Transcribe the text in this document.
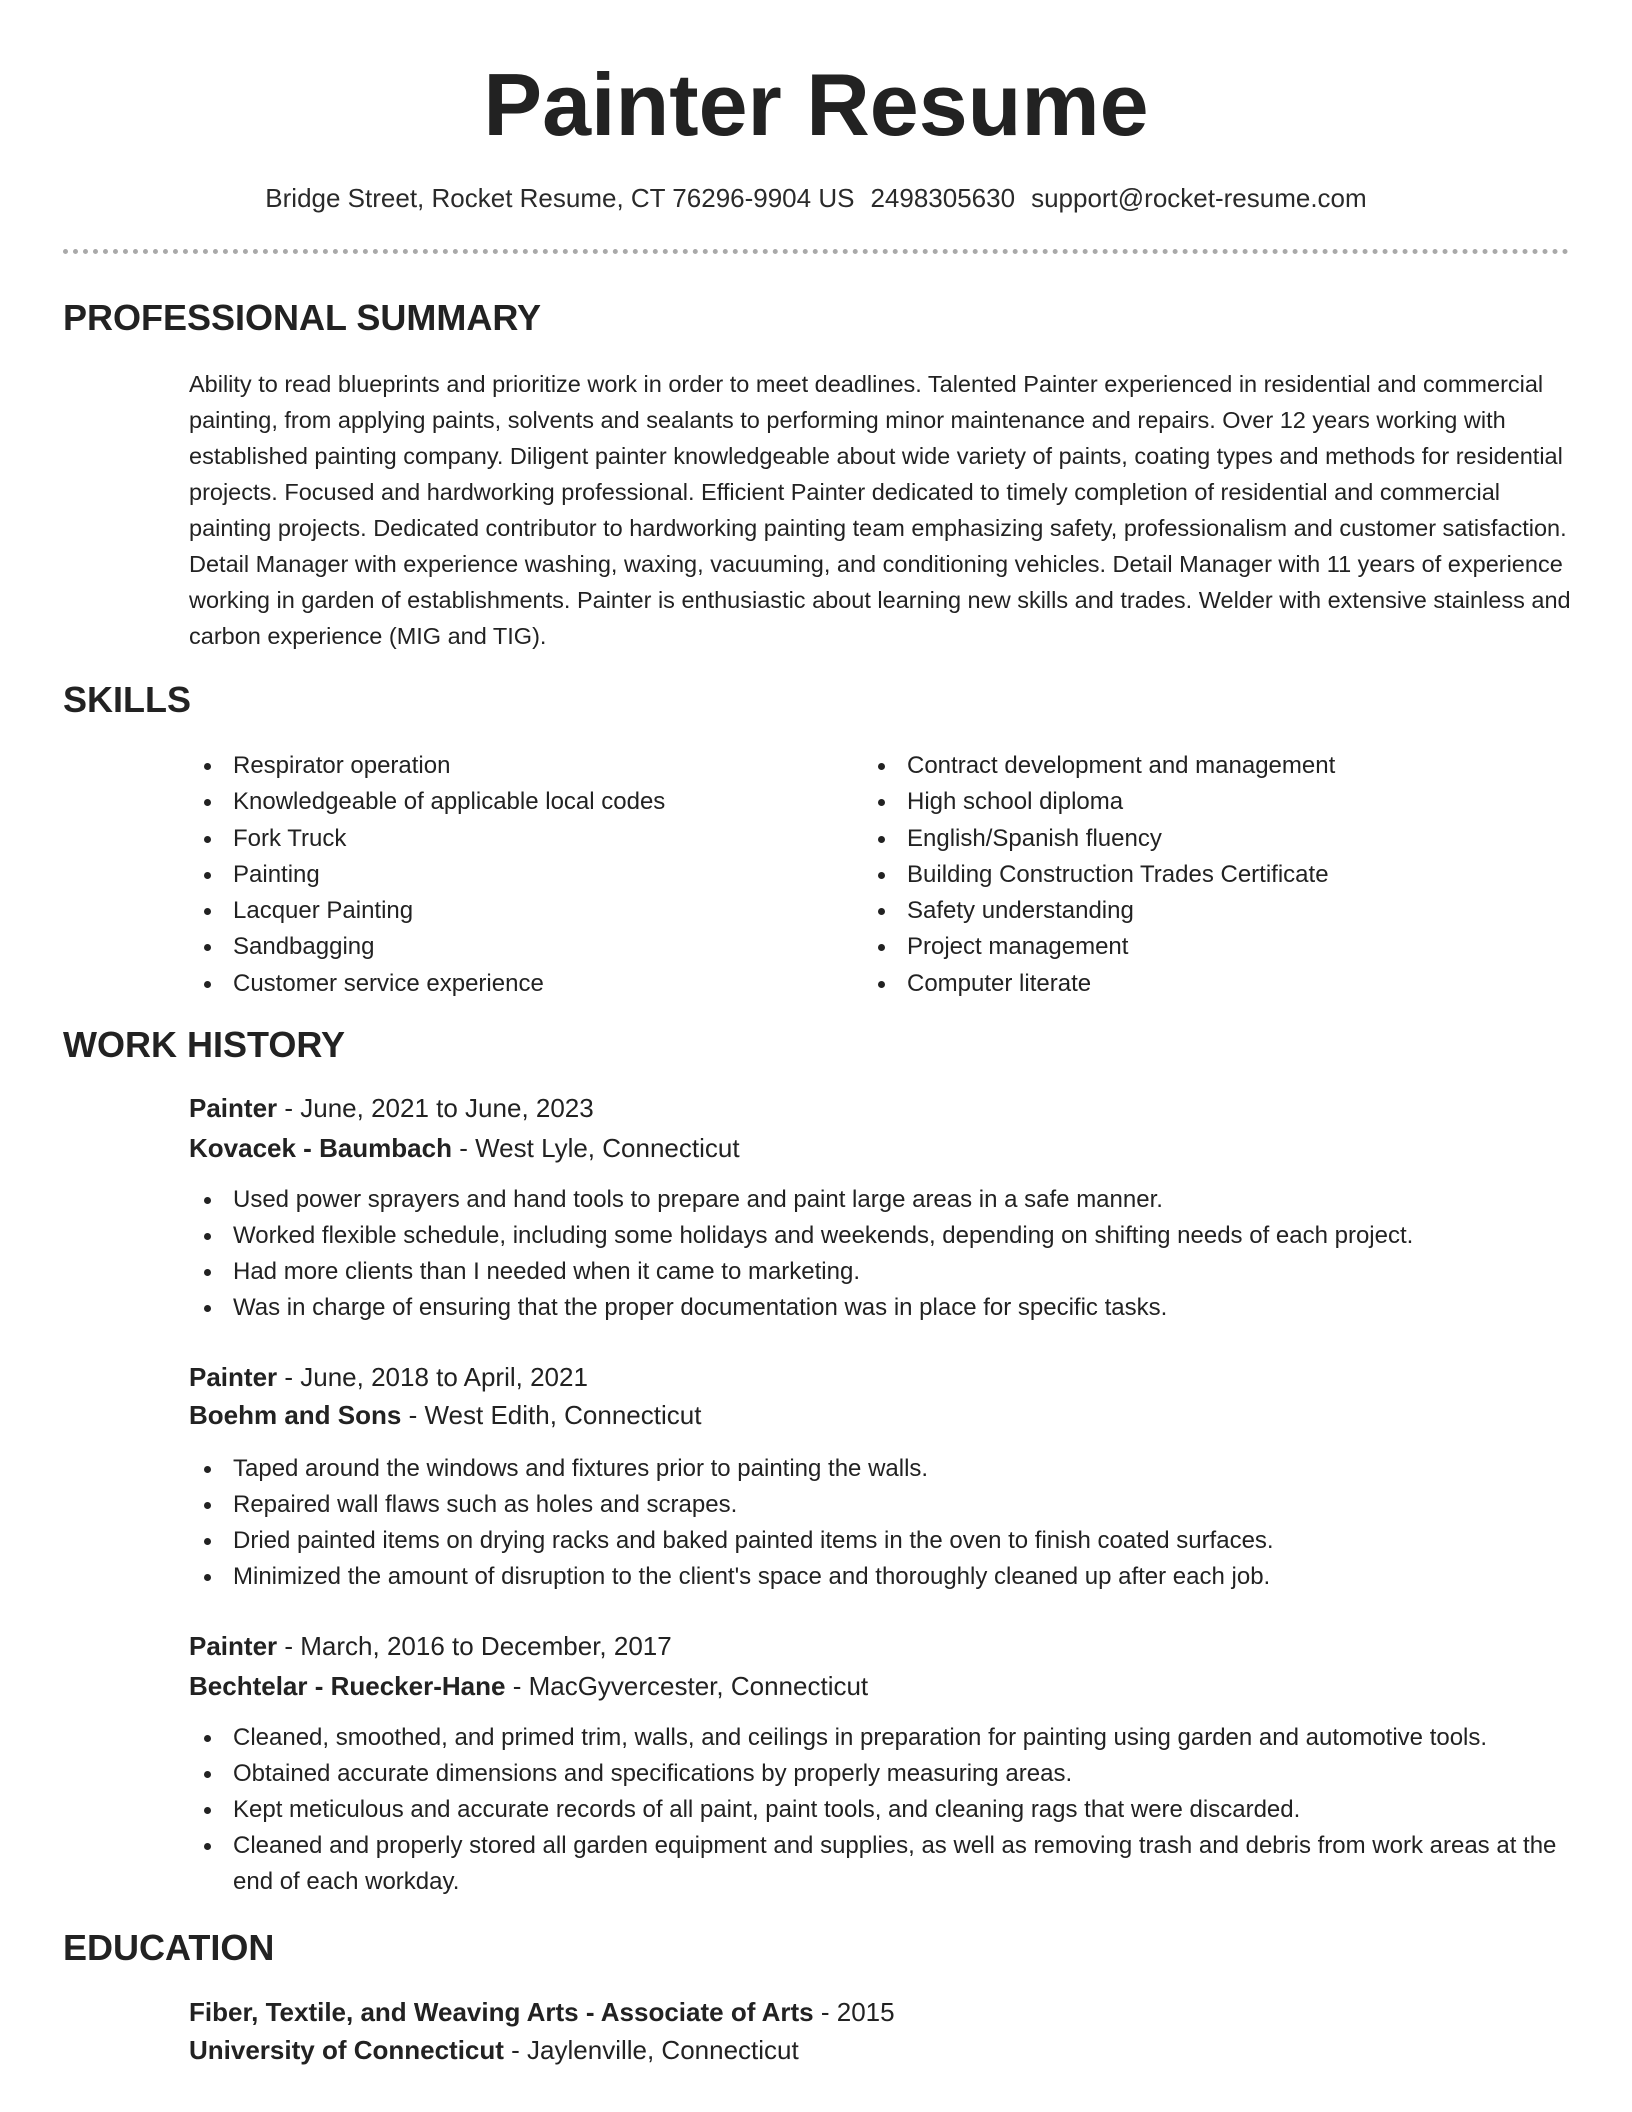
Painter Resume
Bridge Street, Rocket Resume, CT 76296-9904 US 2498305630 support@rocket-resume.com
PROFESSIONAL SUMMARY

Ability to read blueprints and prioritize work in order to meet deadlines. Talented Painter experienced in residential and commercial painting, from applying paints, solvents and sealants to performing minor maintenance and repairs. Over 12 years working with established painting company. Diligent painter knowledgeable about wide variety of paints, coating types and methods for residential projects. Focused and hardworking professional. Efficient Painter dedicated to timely completion of residential and commercial painting projects. Dedicated contributor to hardworking painting team emphasizing safety, professionalism and customer satisfaction. Detail Manager with experience washing, waxing, vacuuming, and conditioning vehicles. Detail Manager with 11 years of experience working in garden of establishments. Painter is enthusiastic about learning new skills and trades. Welder with extensive stainless and carbon experience (MIG and TIG).

SKILLS
Respirator operation
Knowledgeable of applicable local codes
Fork Truck
Painting
Lacquer Painting
Sandbagging
Customer service experience
Contract development and management
High school diploma
English/Spanish fluency
Building Construction Trades Certificate
Safety understanding
Project management
Computer literate
WORK HISTORY
Painter - June, 2021 to June, 2023
Kovacek - Baumbach - West Lyle, Connecticut
Used power sprayers and hand tools to prepare and paint large areas in a safe manner.
Worked flexible schedule, including some holidays and weekends, depending on shifting needs of each project.
Had more clients than I needed when it came to marketing.
Was in charge of ensuring that the proper documentation was in place for specific tasks.
Painter - June, 2018 to April, 2021
Boehm and Sons - West Edith, Connecticut
Taped around the windows and fixtures prior to painting the walls.
Repaired wall flaws such as holes and scrapes.
Dried painted items on drying racks and baked painted items in the oven to finish coated surfaces.
Minimized the amount of disruption to the client's space and thoroughly cleaned up after each job.
Painter - March, 2016 to December, 2017
Bechtelar - Ruecker-Hane - MacGyvercester, Connecticut
Cleaned, smoothed, and primed trim, walls, and ceilings in preparation for painting using garden and automotive tools.
Obtained accurate dimensions and specifications by properly measuring areas.
Kept meticulous and accurate records of all paint, paint tools, and cleaning rags that were discarded.
Cleaned and properly stored all garden equipment and supplies, as well as removing trash and debris from work areas at the end of each workday.
EDUCATION
Fiber, Textile, and Weaving Arts - Associate of Arts - 2015
University of Connecticut - Jaylenville, Connecticut
